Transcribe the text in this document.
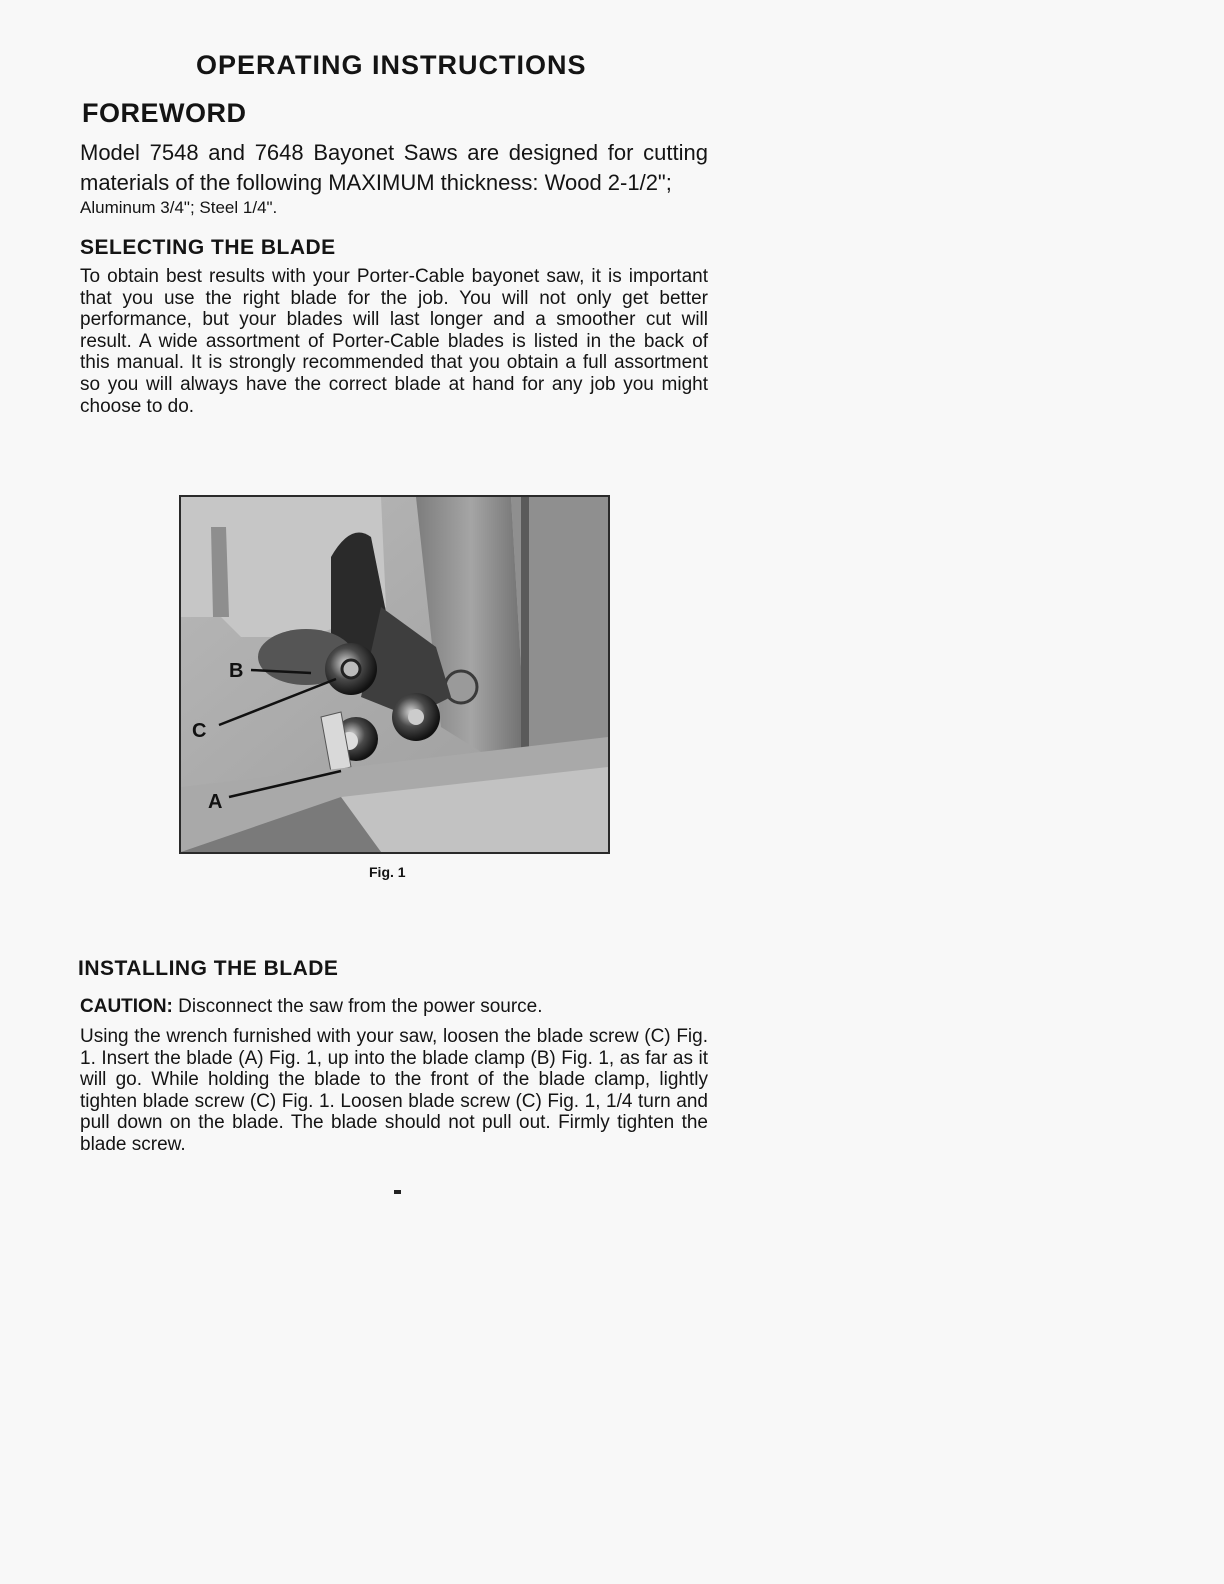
OPERATING INSTRUCTIONS
FOREWORD

Model 7548 and 7648 Bayonet Saws are designed for cutting materials of the following MAXIMUM thickness: Wood 2-1/2";
Aluminum 3/4"; Steel 1/4".

SELECTING THE BLADE

To obtain best results with your Porter-Cable bayonet saw, it is important that you use the right blade for the job. You will not only get better performance, but your blades will last longer and a smoother cut will result. A wide assortment of Porter-Cable blades is listed in the back of this manual. It is strongly recommended that you obtain a full assortment so you will always have the correct blade at hand for any job you might choose to do.

B
C
A

Fig. 1

INSTALLING THE BLADE

CAUTION: Disconnect the saw from the power source.

Using the wrench furnished with your saw, loosen the blade screw (C) Fig. 1. Insert the blade (A) Fig. 1, up into the blade clamp (B) Fig. 1, as far as it will go. While holding the blade to the front of the blade clamp, lightly tighten blade screw (C) Fig. 1. Loosen blade screw (C) Fig. 1, 1/4 turn and pull down on the blade. The blade should not pull out. Firmly tighten the blade screw.
